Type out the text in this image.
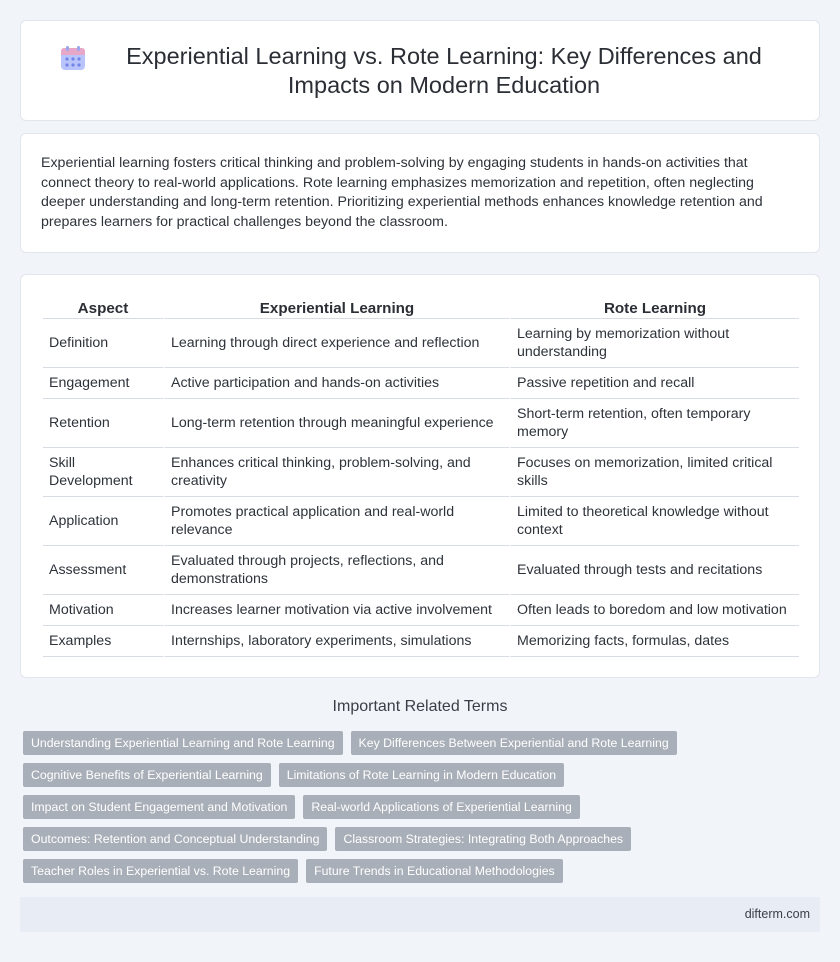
Experiential Learning vs. Rote Learning: Key Differences and Impacts on Modern Education

Experiential learning fosters critical thinking and problem-solving by engaging students in hands-on activities that connect theory to real-world applications. Rote learning emphasizes memorization and repetition, often neglecting deeper understanding and long-term retention. Prioritizing experiential methods enhances knowledge retention and prepares learners for practical challenges beyond the classroom.

Aspect	Experiential Learning	Rote Learning
Definition	Learning through direct experience and reflection	Learning by memorization without understanding
Engagement	Active participation and hands-on activities	Passive repetition and recall
Retention	Long-term retention through meaningful experience	Short-term retention, often temporary memory
Skill Development	Enhances critical thinking, problem-solving, and creativity	Focuses on memorization, limited critical skills
Application	Promotes practical application and real-world relevance	Limited to theoretical knowledge without context
Assessment	Evaluated through projects, reflections, and demonstrations	Evaluated through tests and recitations
Motivation	Increases learner motivation via active involvement	Often leads to boredom and low motivation
Examples	Internships, laboratory experiments, simulations	Memorizing facts, formulas, dates
Important Related Terms
Understanding Experiential Learning and Rote Learning	Key Differences Between Experiential and Rote Learning
Cognitive Benefits of Experiential Learning	Limitations of Rote Learning in Modern Education
Impact on Student Engagement and Motivation	Real-world Applications of Experiential Learning
Outcomes: Retention and Conceptual Understanding	Classroom Strategies: Integrating Both Approaches
Teacher Roles in Experiential vs. Rote Learning	Future Trends in Educational Methodologies
difterm.com
